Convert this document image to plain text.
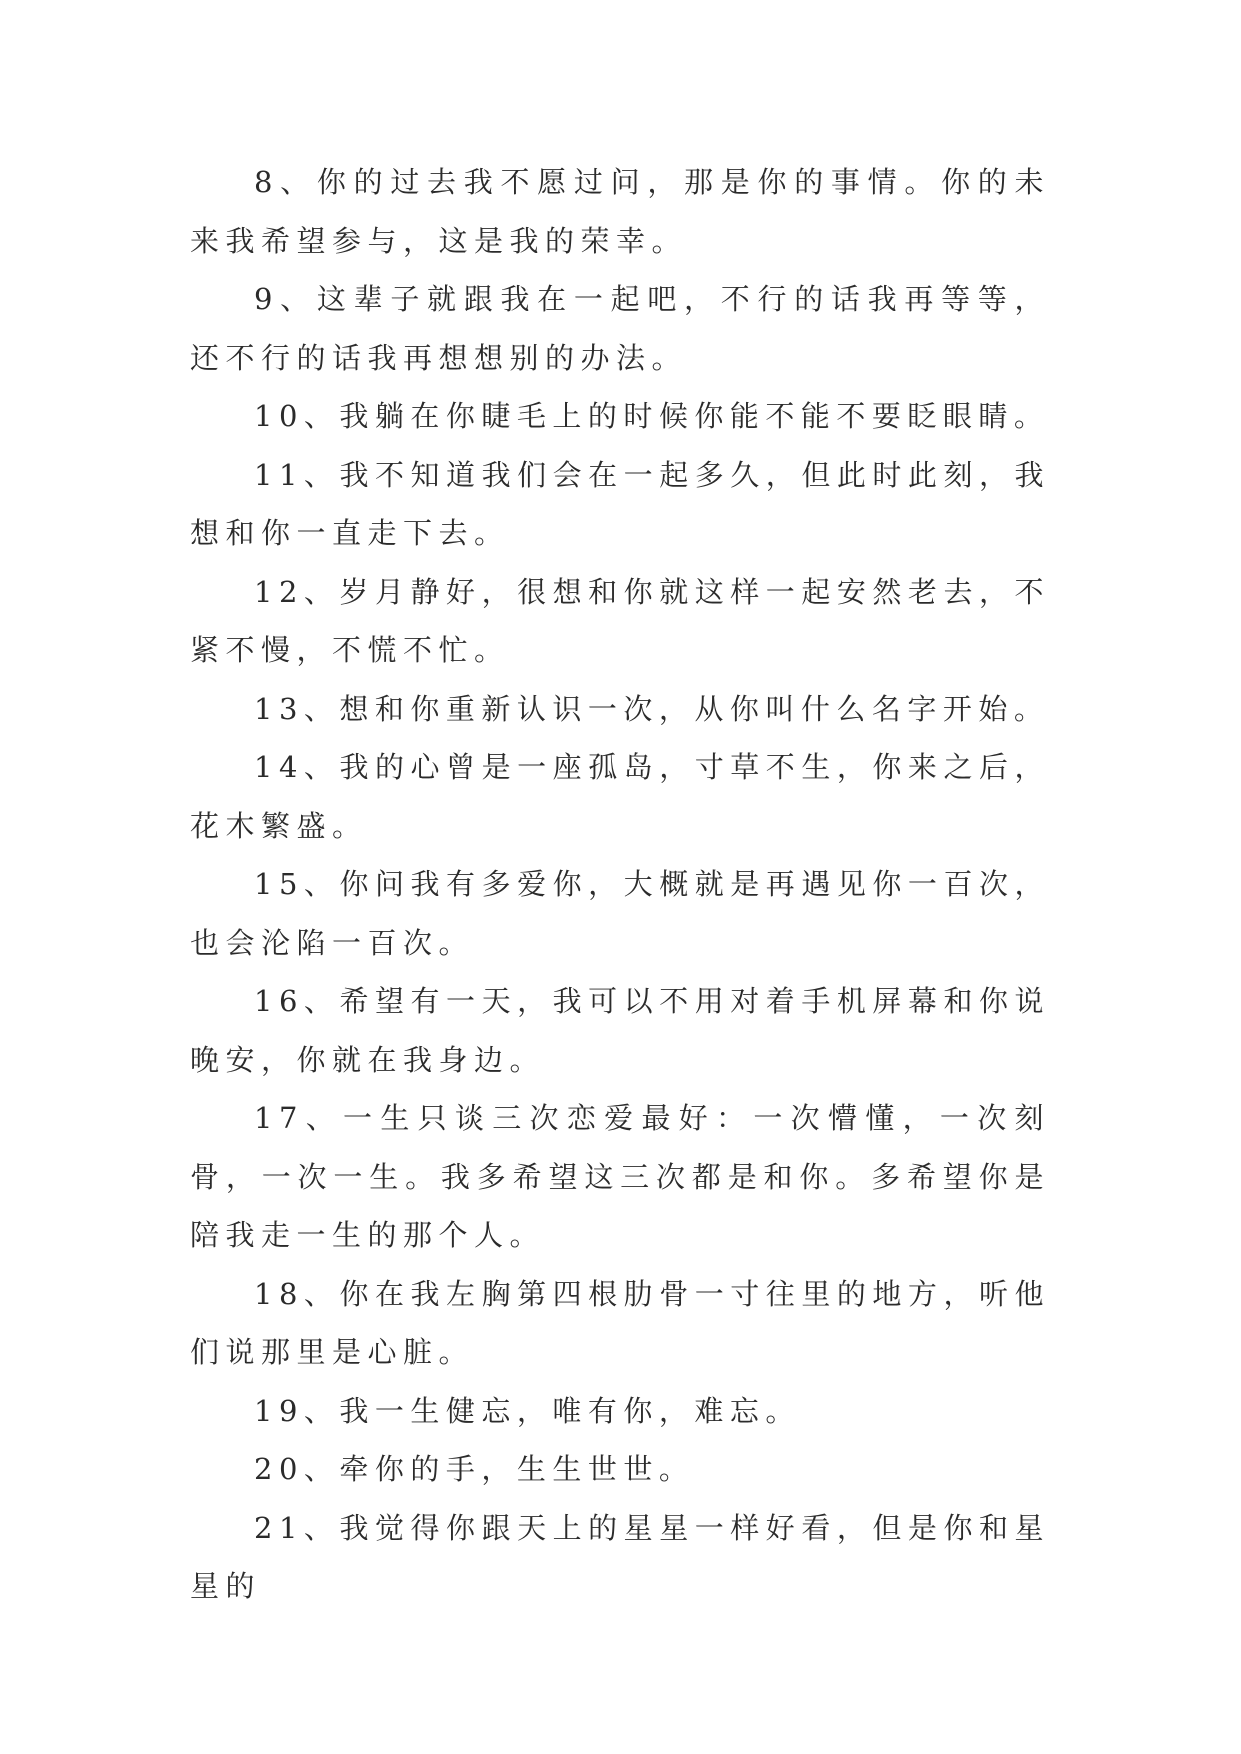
8、你的过去我不愿过问，那是你的事情。你的未来我希望参与，这是我的荣幸。

9、这辈子就跟我在一起吧，不行的话我再等等，还不行的话我再想想别的办法。

10、我躺在你睫毛上的时候你能不能不要眨眼睛。

11、我不知道我们会在一起多久，但此时此刻，我想和你一直走下去。

12、岁月静好，很想和你就这样一起安然老去，不紧不慢，不慌不忙。

13、想和你重新认识一次，从你叫什么名字开始。

14、我的心曾是一座孤岛，寸草不生，你来之后，花木繁盛。

15、你问我有多爱你，大概就是再遇见你一百次，也会沦陷一百次。

16、希望有一天，我可以不用对着手机屏幕和你说晚安，你就在我身边。

17、一生只谈三次恋爱最好：一次懵懂，一次刻骨，一次一生。我多希望这三次都是和你。多希望你是陪我走一生的那个人。

18、你在我左胸第四根肋骨一寸往里的地方，听他们说那里是心脏。

19、我一生健忘，唯有你，难忘。

20、牵你的手，生生世世。

21、我觉得你跟天上的星星一样好看，但是你和星星的
